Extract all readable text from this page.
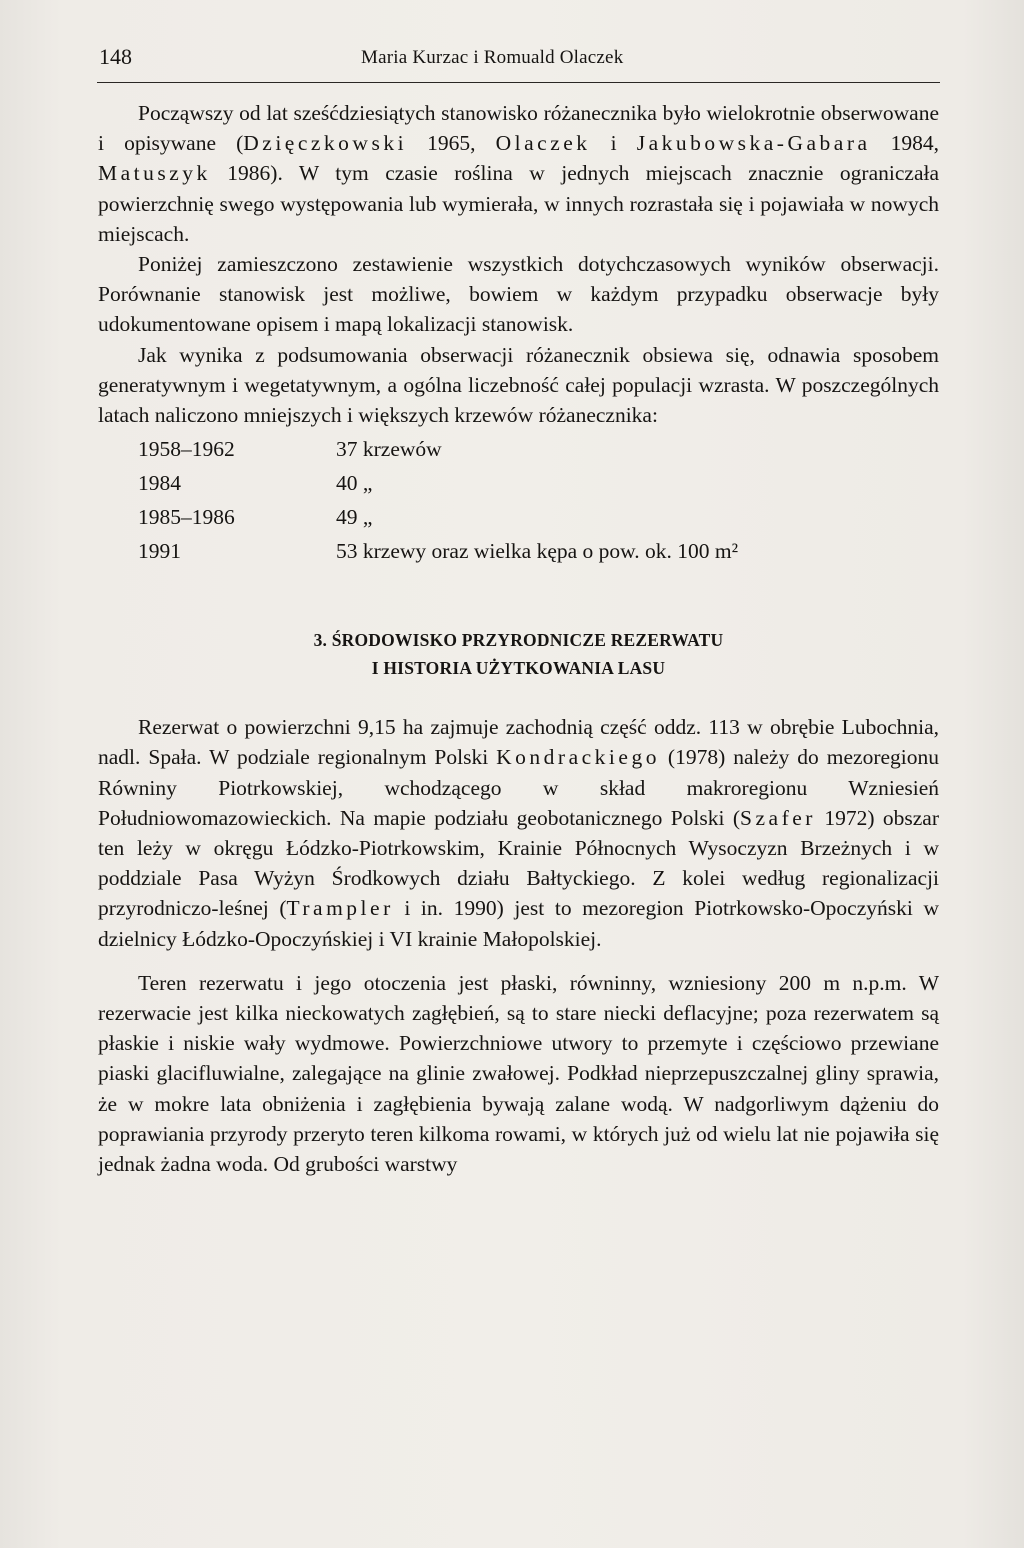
148	Maria Kurzac i Romuald Olaczek

Począwszy od lat sześćdziesiątych stanowisko różanecznika było wielokrotnie obserwowane i opisywane (Dzięczkowski 1965, Olaczek i Jakubowska-Gabara 1984, Matuszyk 1986). W tym czasie roślina w jednych miejscach znacznie ograniczała powierzchnię swego występowania lub wymierała, w innych rozrastała się i pojawiała w nowych miejscach.

Poniżej zamieszczono zestawienie wszystkich dotychczasowych wyników obserwacji. Porównanie stanowisk jest możliwe, bowiem w każdym przypadku obserwacje były udokumentowane opisem i mapą lokalizacji stanowisk.

Jak wynika z podsumowania obserwacji różanecznik obsiewa się, odnawia sposobem generatywnym i wegetatywnym, a ogólna liczebność całej populacji wzrasta. W poszczególnych latach naliczono mniejszych i większych krzewów różanecznika:

1958–1962	37 krzewów
1984	40 „
1985–1986	49 „
1991	53 krzewy oraz wielka kępa o pow. ok. 100 m²
3. ŚRODOWISKO PRZYRODNICZE REZERWATU
I HISTORIA UŻYTKOWANIA LASU

Rezerwat o powierzchni 9,15 ha zajmuje zachodnią część oddz. 113 w obrębie Lubochnia, nadl. Spała. W podziale regionalnym Polski Kondrackiego (1978) należy do mezoregionu Równiny Piotrkowskiej, wchodzącego w skład makroregionu Wzniesień Południowomazowieckich. Na mapie podziału geobotanicznego Polski (Szafer 1972) obszar ten leży w okręgu Łódzko-Piotrkowskim, Krainie Północnych Wysoczyzn Brzeżnych i w poddziale Pasa Wyżyn Środkowych działu Bałtyckiego. Z kolei według regionalizacji przyrodniczo-leśnej (Trampler i in. 1990) jest to mezoregion Piotrkowsko-Opoczyński w dzielnicy Łódzko-Opoczyńskiej i VI krainie Małopolskiej.

Teren rezerwatu i jego otoczenia jest płaski, równinny, wzniesiony 200 m n.p.m. W rezerwacie jest kilka nieckowatych zagłębień, są to stare niecki deflacyjne; poza rezerwatem są płaskie i niskie wały wydmowe. Powierzchniowe utwory to przemyte i częściowo przewiane piaski glacifluwialne, zalegające na glinie zwałowej. Podkład nieprzepuszczalnej gliny sprawia, że w mokre lata obniżenia i zagłębienia bywają zalane wodą. W nadgorliwym dążeniu do poprawiania przyrody przeryto teren kilkoma rowami, w których już od wielu lat nie pojawiła się jednak żadna woda. Od grubości warstwy
